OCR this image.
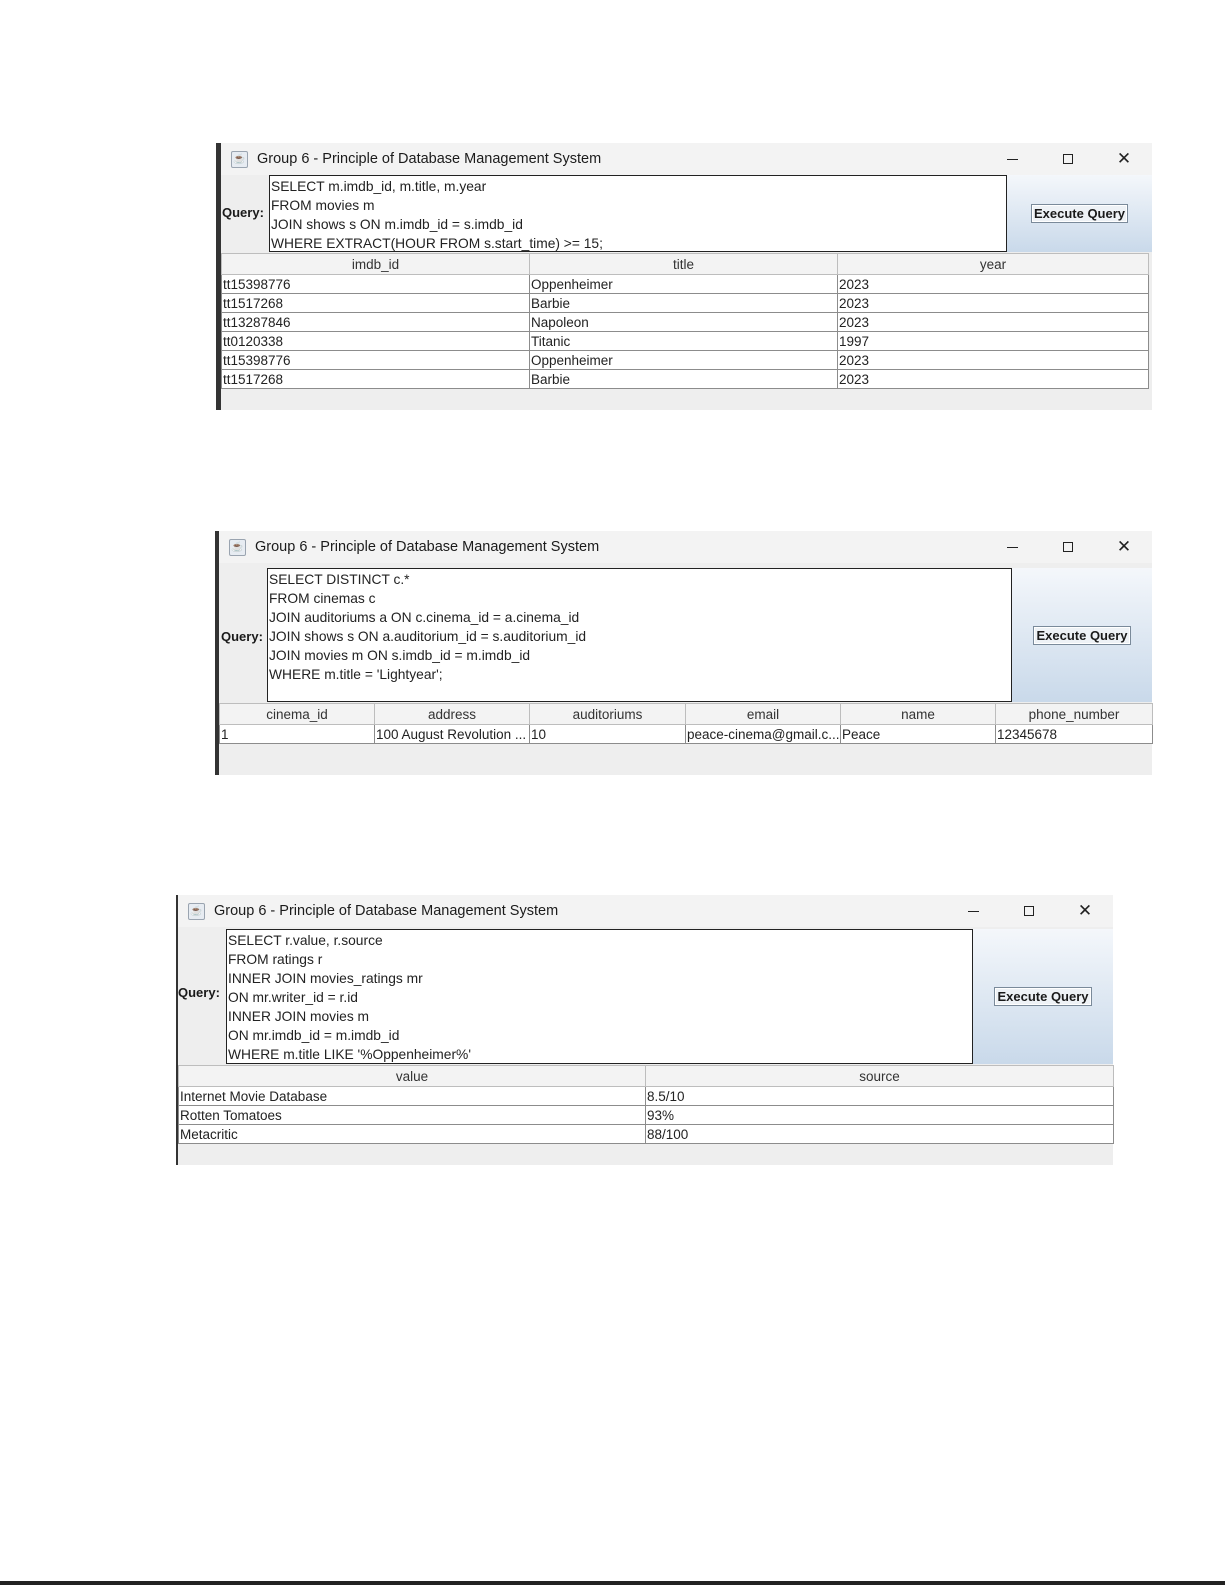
☕ Group 6 - Principle of Database Management System	✕
Query:
SELECT m.imdb_id, m.title, m.year
FROM movies m
JOIN shows s ON m.imdb_id = s.imdb_id
WHERE EXTRACT(HOUR FROM s.start_time) >= 15;
Execute Query
imdb_id	title	year
tt15398776	Oppenheimer	2023
tt1517268	Barbie	2023
tt13287846	Napoleon	2023
tt0120338	Titanic	1997
tt15398776	Oppenheimer	2023
tt1517268	Barbie	2023
☕ Group 6 - Principle of Database Management System	✕
Query:
SELECT DISTINCT c.*
FROM cinemas c
JOIN auditoriums a ON c.cinema_id = a.cinema_id
JOIN shows s ON a.auditorium_id = s.auditorium_id
JOIN movies m ON s.imdb_id = m.imdb_id
WHERE m.title = 'Lightyear';
Execute Query
cinema_id	address	auditoriums	email	name	phone_number
1	100 August Revolution ...	10	peace-cinema@gmail.c...	Peace	12345678
☕ Group 6 - Principle of Database Management System	✕
Query:
SELECT r.value, r.source
FROM ratings r
INNER JOIN movies_ratings mr
ON mr.writer_id = r.id
INNER JOIN movies m
ON mr.imdb_id = m.imdb_id
WHERE m.title LIKE '%Oppenheimer%'
Execute Query
value	source
Internet Movie Database	8.5/10
Rotten Tomatoes	93%
Metacritic	88/100
